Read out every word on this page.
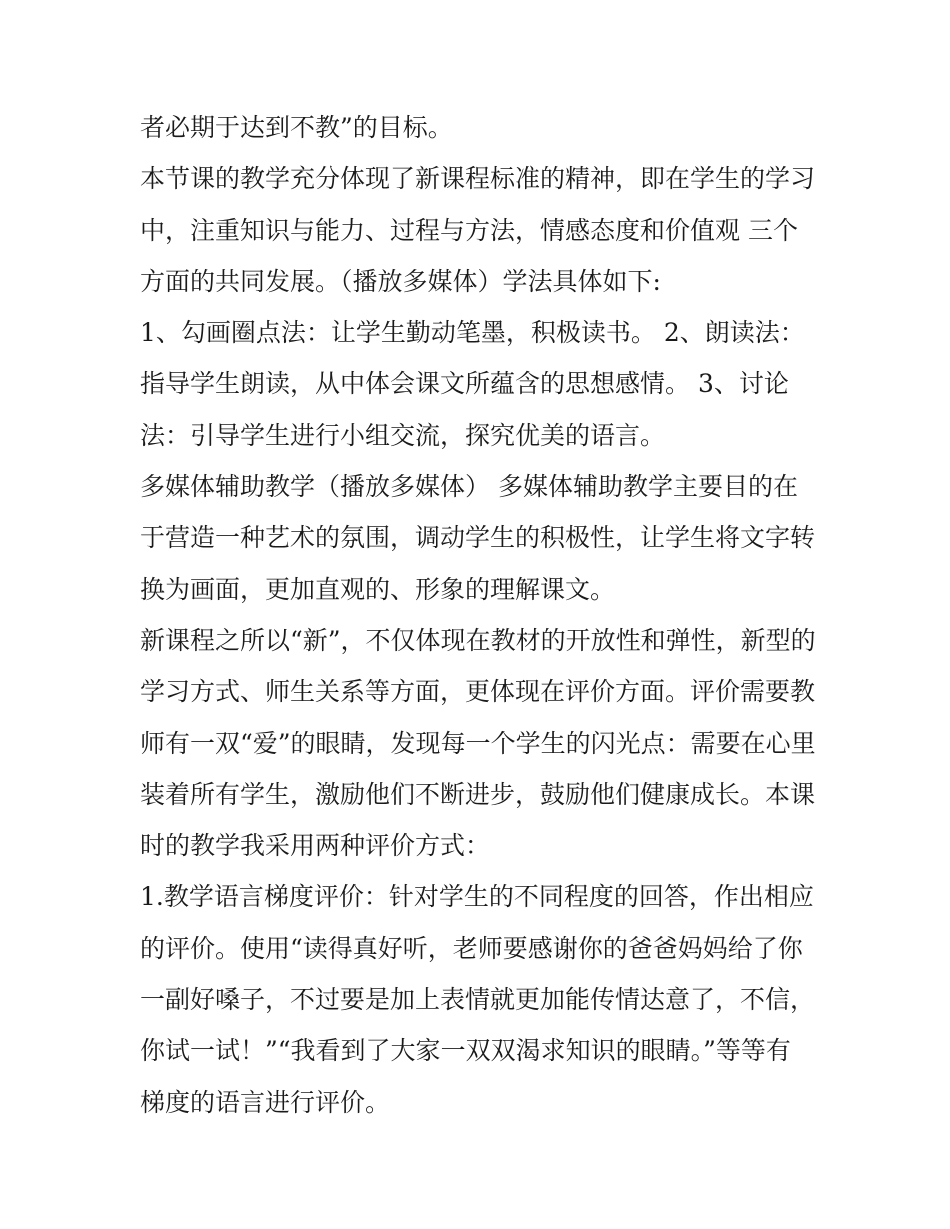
者必期于达到不教”的目标。
本节课的教学充分体现了新课程标准的精神，即在学生的学习
中，注重知识与能力、过程与方法，情感态度和价值观 三个
方面的共同发展。（播放多媒体）学法具体如下:
1、勾画圈点法：让学生勤动笔墨，积极读书。 2、朗读法：
指导学生朗读，从中体会课文所蕴含的思想感情。 3、讨论
法：引导学生进行小组交流，探究优美的语言。
多媒体辅助教学（播放多媒体） 多媒体辅助教学主要目的在
于营造一种艺术的氛围，调动学生的积极性，让学生将文字转
换为画面，更加直观的、形象的理解课文。
新课程之所以“新”，不仅体现在教材的开放性和弹性，新型的
学习方式、师生关系等方面，更体现在评价方面。评价需要教
师有一双“爱”的眼睛，发现每一个学生的闪光点：需要在心里
装着所有学生，激励他们不断进步，鼓励他们健康成长。本课
时的教学我采用两种评价方式：
1.教学语言梯度评价：针对学生的不同程度的回答，作出相应
的评价。使用“读得真好听，老师要感谢你的爸爸妈妈给了你
一副好嗓子，不过要是加上表情就更加能传情达意了，不信，
你试一试！”“我看到了大家一双双渴求知识的眼睛。”等等有
梯度的语言进行评价。
